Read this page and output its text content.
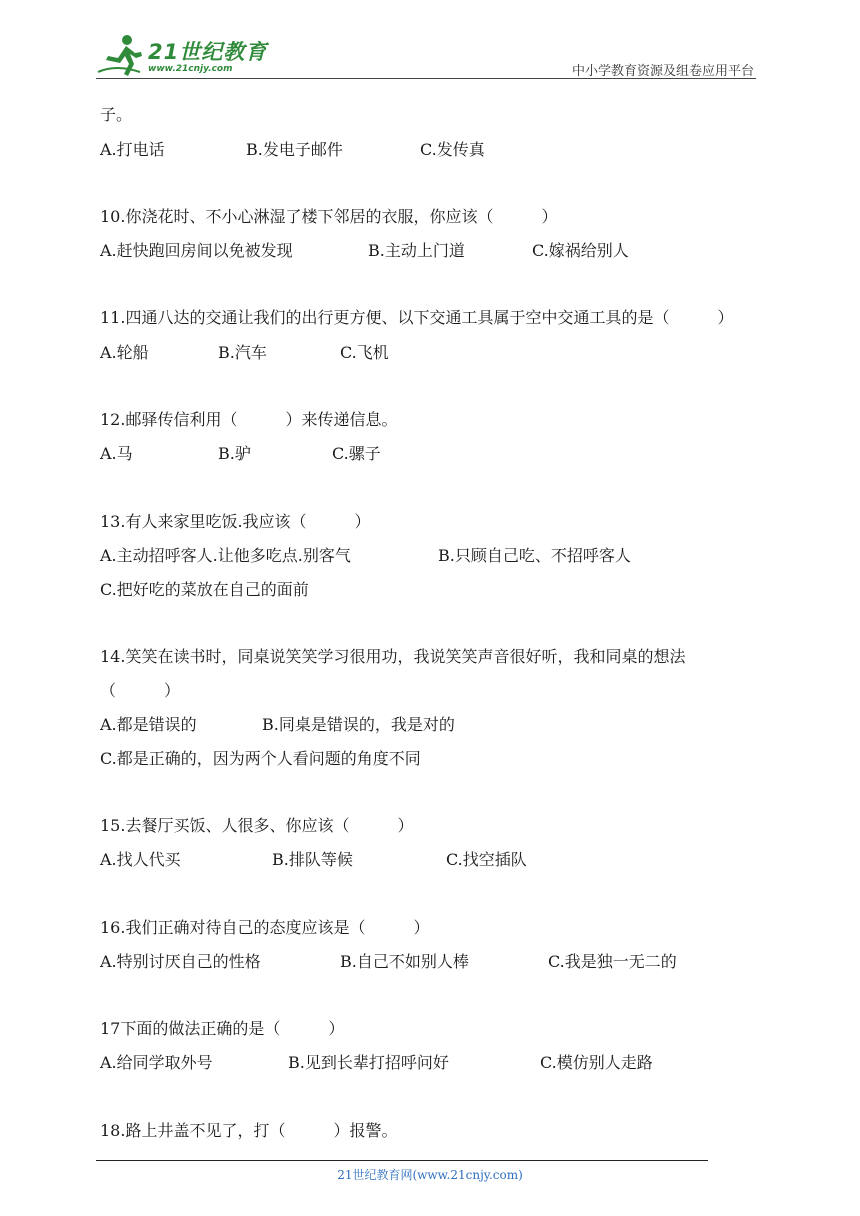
21世纪教育
www.21cnjy.com	中小学教育资源及组卷应用平台
子。
A.打电话	B.发电子邮件	C.发传真
10.你浇花时、不小心淋湿了楼下邻居的衣服，你应该（　　　）
A.赶快跑回房间以免被发现	B.主动上门道	C.嫁祸给别人
11.四通八达的交通让我们的出行更方便、以下交通工具属于空中交通工具的是（　　　）
A.轮船	B.汽车	C.飞机
12.邮驿传信利用（　　　）来传递信息。
A.马	B.驴	C.骡子
13.有人来家里吃饭.我应该（　　　）
A.主动招呼客人.让他多吃点.别客气	B.只顾自己吃、不招呼客人
C.把好吃的菜放在自己的面前
14.笑笑在读书时，同桌说笑笑学习很用功，我说笑笑声音很好听，我和同桌的想法
（　　　）
A.都是错误的	B.同桌是错误的，我是对的
C.都是正确的，因为两个人看问题的角度不同
15.去餐厅买饭、人很多、你应该（　　　）
A.找人代买	B.排队等候	C.找空插队
16.我们正确对待自己的态度应该是（　　　）
A.特别讨厌自己的性格	B.自己不如别人棒	C.我是独一无二的
17下面的做法正确的是（　　　）
A.给同学取外号	B.见到长辈打招呼问好	C.模仿别人走路
18.路上井盖不见了，打（　　　）报警。
21世纪教育网(www.21cnjy.com)
